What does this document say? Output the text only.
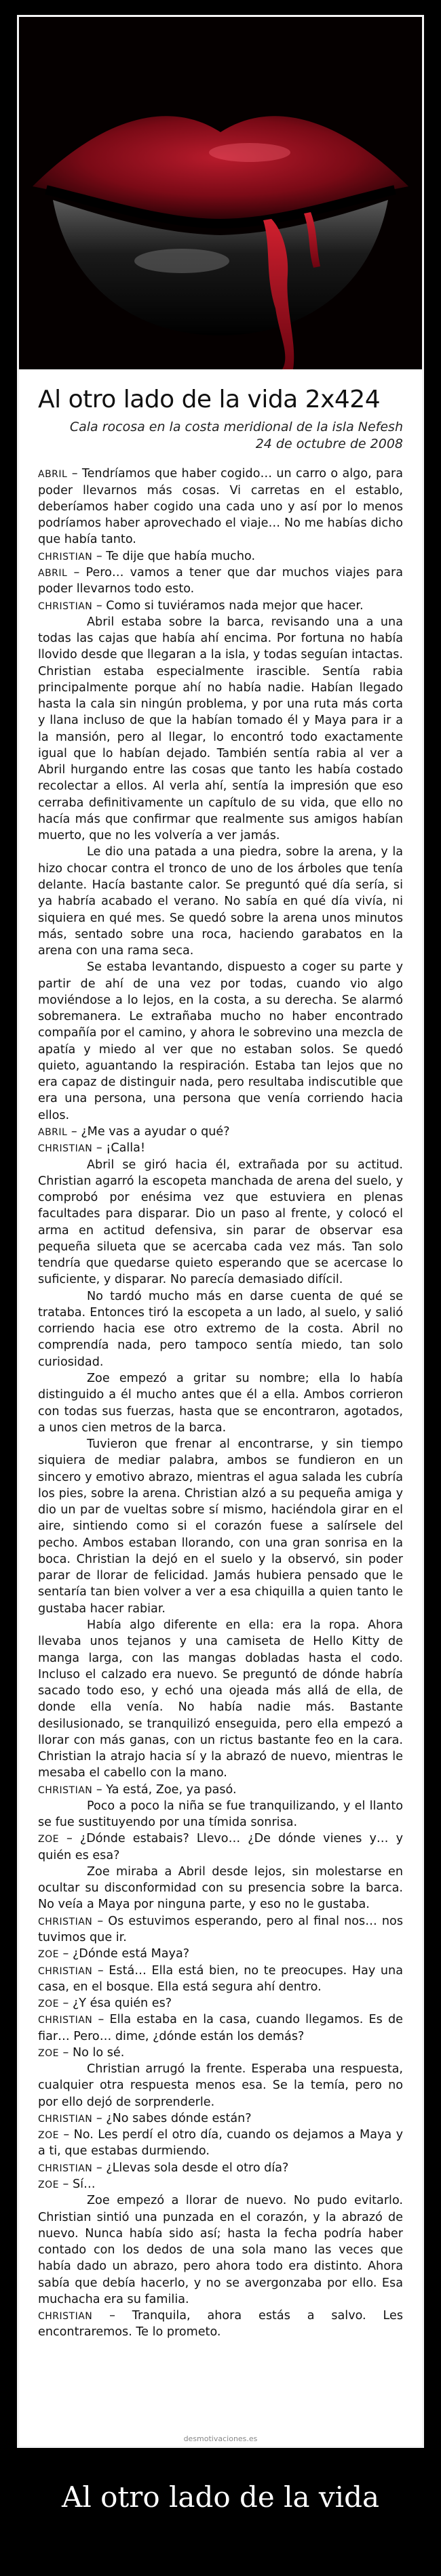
Al otro lado de la vida 2x424
Cala rocosa en la costa meridional de la isla Nefesh
24 de octubre de 2008

ABRIL – Tendríamos que haber cogido… un carro o algo, para poder llevarnos más cosas. Vi carretas en el establo, deberíamos haber cogido una cada uno y así por lo menos podríamos haber aprovechado el viaje… No me habías dicho que había tanto.

CHRISTIAN – Te dije que había mucho.

ABRIL – Pero… vamos a tener que dar muchos viajes para poder llevarnos todo esto.

CHRISTIAN – Como si tuviéramos nada mejor que hacer.

Abril estaba sobre la barca, revisando una a una todas las cajas que había ahí encima. Por fortuna no había llovido desde que llegaran a la isla, y todas seguían intactas. Christian estaba especialmente irascible. Sentía rabia principalmente porque ahí no había nadie. Habían llegado hasta la cala sin ningún problema, y por una ruta más corta y llana incluso de que la habían tomado él y Maya para ir a la mansión, pero al llegar, lo encontró todo exactamente igual que lo habían dejado. También sentía rabia al ver a Abril hurgando entre las cosas que tanto les había costado recolectar a ellos. Al verla ahí, sentía la impresión que eso cerraba definitivamente un capítulo de su vida, que ello no hacía más que confirmar que realmente sus amigos habían muerto, que no les volvería a ver jamás.

Le dio una patada a una piedra, sobre la arena, y la hizo chocar contra el tronco de uno de los árboles que tenía delante. Hacía bastante calor. Se preguntó qué día sería, si ya habría acabado el verano. No sabía en qué día vivía, ni siquiera en qué mes. Se quedó sobre la arena unos minutos más, sentado sobre una roca, haciendo garabatos en la arena con una rama seca.

Se estaba levantando, dispuesto a coger su parte y partir de ahí de una vez por todas, cuando vio algo moviéndose a lo lejos, en la costa, a su derecha. Se alarmó sobremanera. Le extrañaba mucho no haber encontrado compañía por el camino, y ahora le sobrevino una mezcla de apatía y miedo al ver que no estaban solos. Se quedó quieto, aguantando la respiración. Estaba tan lejos que no era capaz de distinguir nada, pero resultaba indiscutible que era una persona, una persona que venía corriendo hacia ellos.

ABRIL – ¿Me vas a ayudar o qué?

CHRISTIAN – ¡Calla!

Abril se giró hacia él, extrañada por su actitud. Christian agarró la escopeta manchada de arena del suelo, y comprobó por enésima vez que estuviera en plenas facultades para disparar. Dio un paso al frente, y colocó el arma en actitud defensiva, sin parar de observar esa pequeña silueta que se acercaba cada vez más. Tan solo tendría que quedarse quieto esperando que se acercase lo suficiente, y disparar. No parecía demasiado difícil.

No tardó mucho más en darse cuenta de qué se trataba. Entonces tiró la escopeta a un lado, al suelo, y salió corriendo hacia ese otro extremo de la costa. Abril no comprendía nada, pero tampoco sentía miedo, tan solo curiosidad.

Zoe empezó a gritar su nombre; ella lo había distinguido a él mucho antes que él a ella. Ambos corrieron con todas sus fuerzas, hasta que se encontraron, agotados, a unos cien metros de la barca.

Tuvieron que frenar al encontrarse, y sin tiempo siquiera de mediar palabra, ambos se fundieron en un sincero y emotivo abrazo, mientras el agua salada les cubría los pies, sobre la arena. Christian alzó a su pequeña amiga y dio un par de vueltas sobre sí mismo, haciéndola girar en el aire, sintiendo como si el corazón fuese a salírsele del pecho. Ambos estaban llorando, con una gran sonrisa en la boca. Christian la dejó en el suelo y la observó, sin poder parar de llorar de felicidad. Jamás hubiera pensado que le sentaría tan bien volver a ver a esa chiquilla a quien tanto le gustaba hacer rabiar.

Había algo diferente en ella: era la ropa. Ahora llevaba unos tejanos y una camiseta de Hello Kitty de manga larga, con las mangas dobladas hasta el codo. Incluso el calzado era nuevo. Se preguntó de dónde habría sacado todo eso, y echó una ojeada más allá de ella, de donde ella venía. No había nadie más. Bastante desilusionado, se tranquilizó enseguida, pero ella empezó a llorar con más ganas, con un rictus bastante feo en la cara. Christian la atrajo hacia sí y la abrazó de nuevo, mientras le mesaba el cabello con la mano.

CHRISTIAN – Ya está, Zoe, ya pasó.

Poco a poco la niña se fue tranquilizando, y el llanto se fue sustituyendo por una tímida sonrisa.

ZOE – ¿Dónde estabais? Llevo… ¿De dónde vienes y… y quién es esa?

Zoe miraba a Abril desde lejos, sin molestarse en ocultar su disconformidad con su presencia sobre la barca. No veía a Maya por ninguna parte, y eso no le gustaba.

CHRISTIAN – Os estuvimos esperando, pero al final nos… nos tuvimos que ir.

ZOE – ¿Dónde está Maya?

CHRISTIAN – Está… Ella está bien, no te preocupes. Hay una casa, en el bosque. Ella está segura ahí dentro.

ZOE – ¿Y ésa quién es?

CHRISTIAN – Ella estaba en la casa, cuando llegamos. Es de fiar… Pero… dime, ¿dónde están los demás?

ZOE – No lo sé.

Christian arrugó la frente. Esperaba una respuesta, cualquier otra respuesta menos esa. Se la temía, pero no por ello dejó de sorprenderle.

CHRISTIAN – ¿No sabes dónde están?

ZOE – No. Les perdí el otro día, cuando os dejamos a Maya y a ti, que estabas durmiendo.

CHRISTIAN – ¿Llevas sola desde el otro día?

ZOE – Sí…

Zoe empezó a llorar de nuevo. No pudo evitarlo. Christian sintió una punzada en el corazón, y la abrazó de nuevo. Nunca había sido así; hasta la fecha podría haber contado con los dedos de una sola mano las veces que había dado un abrazo, pero ahora todo era distinto. Ahora sabía que debía hacerlo, y no se avergonzaba por ello. Esa muchacha era su familia.

CHRISTIAN – Tranquila, ahora estás a salvo. Les encontraremos. Te lo prometo.

desmotivaciones.es
Al otro lado de la vida
